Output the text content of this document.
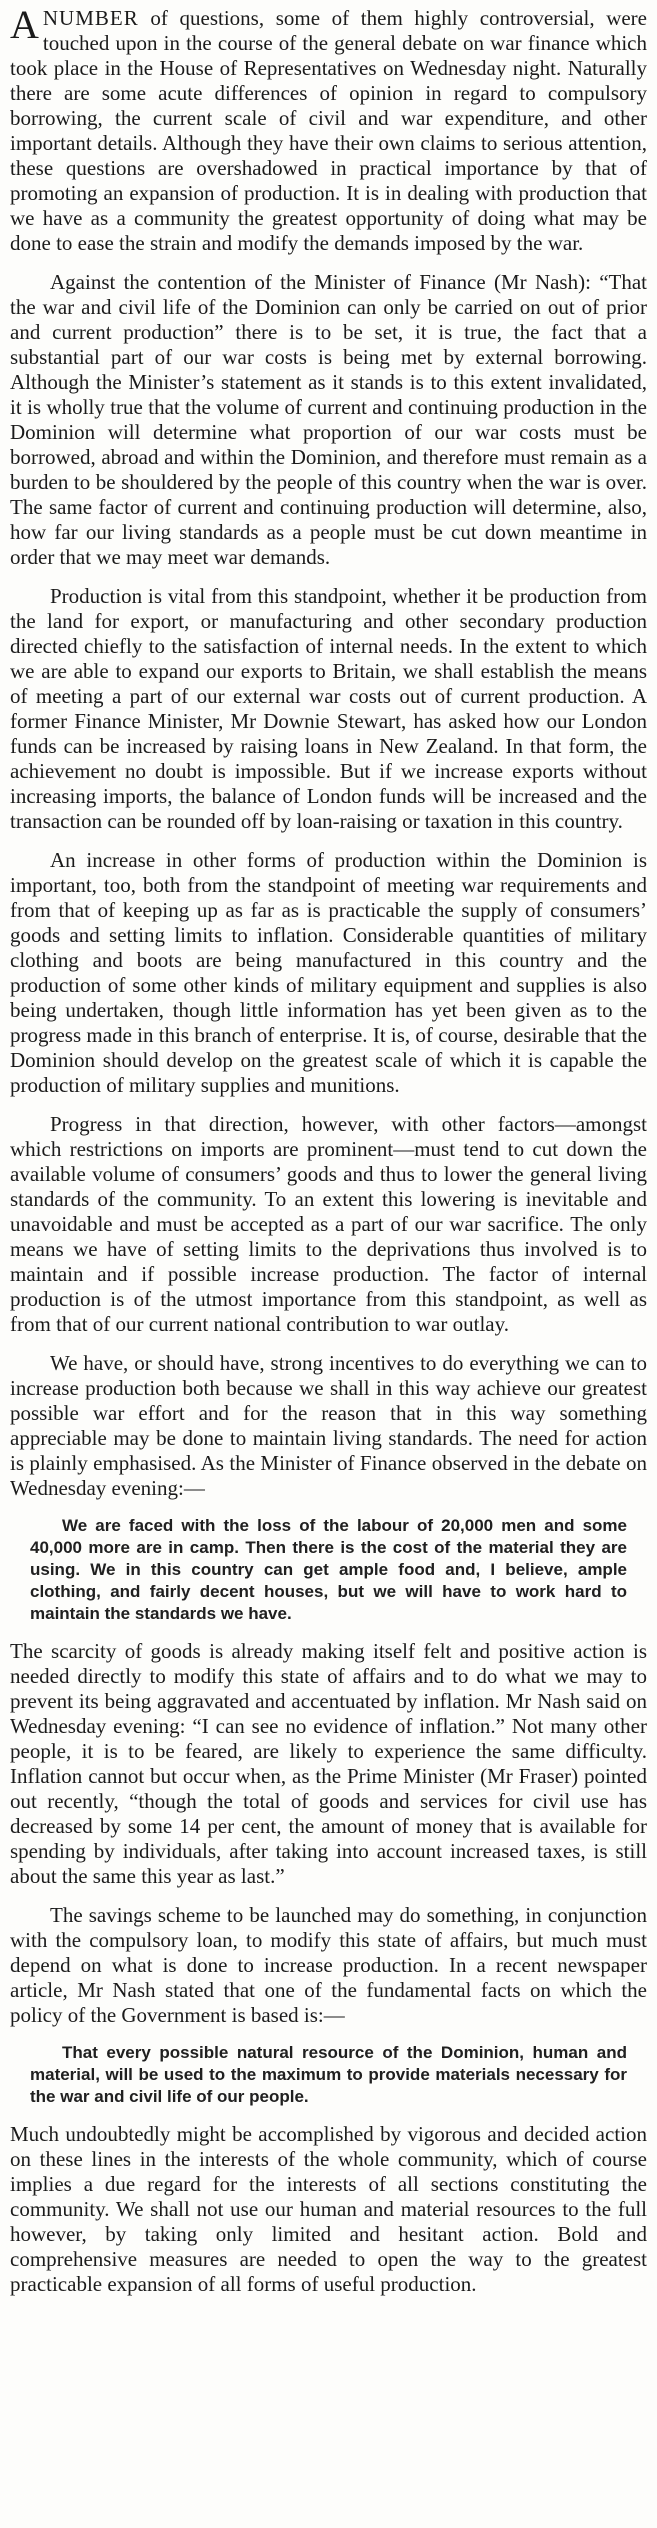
ANUMBER of questions, some of them highly controversial, were touched upon in the course of the general debate on war finance which took place in the House of Representatives on Wednesday night. Naturally there are some acute differences of opinion in regard to compulsory borrowing, the current scale of civil and war expenditure, and other important details. Although they have their own claims to serious attention, these questions are overshadowed in practical importance by that of promoting an expansion of production. It is in dealing with production that we have as a community the greatest opportunity of doing what may be done to ease the strain and modify the demands imposed by the war.

Against the contention of the Minister of Finance (Mr Nash): “That the war and civil life of the Dominion can only be carried on out of prior and current production” there is to be set, it is true, the fact that a substantial part of our war costs is being met by external borrowing. Although the Minister’s statement as it stands is to this extent invalidated, it is wholly true that the volume of current and continuing production in the Dominion will determine what proportion of our war costs must be borrowed, abroad and within the Dominion, and therefore must remain as a burden to be shouldered by the people of this country when the war is over. The same factor of current and continuing production will determine, also, how far our living standards as a people must be cut down meantime in order that we may meet war demands.

Production is vital from this standpoint, whether it be production from the land for export, or manufacturing and other secondary production directed chiefly to the satisfaction of internal needs. In the extent to which we are able to expand our exports to Britain, we shall establish the means of meeting a part of our external war costs out of current production. A former Finance Minister, Mr Downie Stewart, has asked how our London funds can be increased by raising loans in New Zealand. In that form, the achievement no doubt is impossible. But if we increase exports without increasing imports, the balance of London funds will be increased and the transaction can be rounded off by loan-raising or taxation in this country.

An increase in other forms of production within the Dominion is important, too, both from the standpoint of meeting war requirements and from that of keeping up as far as is practicable the supply of consumers’ goods and setting limits to inflation. Considerable quantities of military clothing and boots are being manufactured in this country and the production of some other kinds of military equipment and supplies is also being undertaken, though little information has yet been given as to the progress made in this branch of enterprise. It is, of course, desirable that the Dominion should develop on the greatest scale of which it is capable the production of military supplies and munitions.

Progress in that direction, however, with other factors—amongst which restrictions on imports are prominent—must tend to cut down the available volume of consumers’ goods and thus to lower the general living standards of the community. To an extent this lowering is inevitable and unavoidable and must be accepted as a part of our war sacrifice. The only means we have of setting limits to the deprivations thus involved is to maintain and if possible increase production. The factor of internal production is of the utmost importance from this standpoint, as well as from that of our current national contribution to war outlay.

We have, or should have, strong incentives to do everything we can to increase production both because we shall in this way achieve our greatest possible war effort and for the reason that in this way something appreciable may be done to maintain living standards. The need for action is plainly emphasised. As the Minister of Finance observed in the debate on Wednesday evening:—

We are faced with the loss of the labour of 20,000 men and some 40,000 more are in camp. Then there is the cost of the material they are using. We in this country can get ample food and, I believe, ample clothing, and fairly decent houses, but we will have to work hard to maintain the standards we have.

The scarcity of goods is already making itself felt and positive action is needed directly to modify this state of affairs and to do what we may to prevent its being aggravated and accentuated by inflation. Mr Nash said on Wednesday evening: “I can see no evidence of inflation.” Not many other people, it is to be feared, are likely to experience the same difficulty. Inflation cannot but occur when, as the Prime Minister (Mr Fraser) pointed out recently, “though the total of goods and services for civil use has decreased by some 14 per cent, the amount of money that is available for spending by individuals, after taking into account increased taxes, is still about the same this year as last.”

The savings scheme to be launched may do something, in conjunction with the compulsory loan, to modify this state of affairs, but much must depend on what is done to increase production. In a recent newspaper article, Mr Nash stated that one of the fundamental facts on which the policy of the Government is based is:—

That every possible natural resource of the Dominion, human and material, will be used to the maximum to provide materials necessary for the war and civil life of our people.

Much undoubtedly might be accomplished by vigorous and decided action on these lines in the interests of the whole community, which of course implies a due regard for the interests of all sections constituting the community. We shall not use our human and material resources to the full however, by taking only limited and hesitant action. Bold and comprehensive measures are needed to open the way to the greatest practicable expansion of all forms of useful production.
